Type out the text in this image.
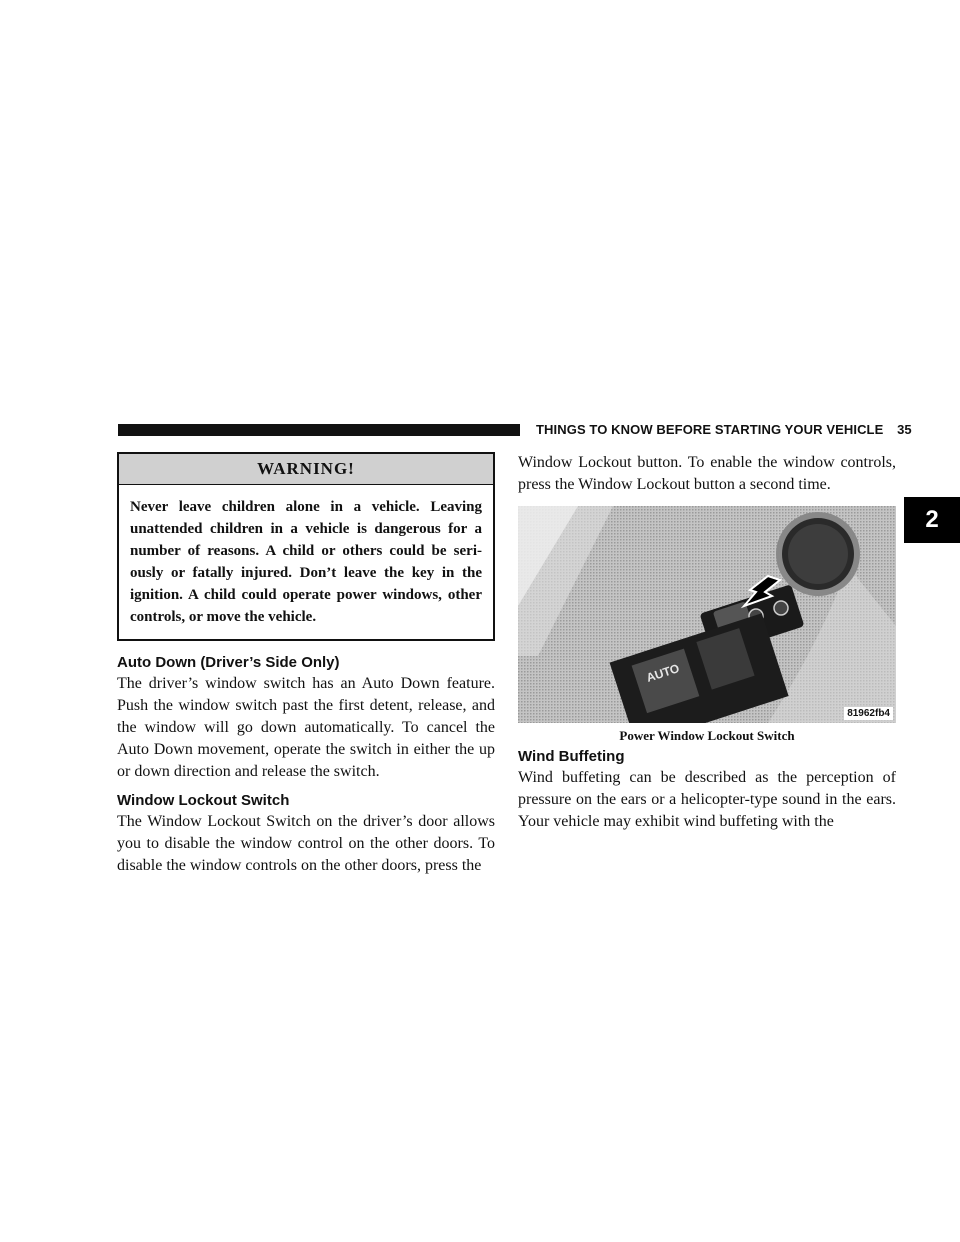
THINGS TO KNOW BEFORE STARTING YOUR VEHICLE 35
2
WARNING!
Never leave children alone in a vehicle. Leaving unattended children in a vehicle is dangerous for a number of reasons. A child or others could be seri-ously or fatally injured. Don’t leave the key in the ignition. A child could operate power windows, other controls, or move the vehicle.
Auto Down (Driver’s Side Only)

The driver’s window switch has an Auto Down feature. Push the window switch past the first detent, release, and the window will go down automatically. To cancel the Auto Down movement, operate the switch in either the up or down direction and release the switch.

Window Lockout Switch

The Window Lockout Switch on the driver’s door allows you to disable the window control on the other doors. To disable the window controls on the other doors, press the

Window Lockout button. To enable the window controls, press the Window Lockout button a second time.

AUTO
81962fb4
Power Window Lockout Switch
Wind Buffeting

Wind buffeting can be described as the perception of pressure on the ears or a helicopter-type sound in the ears. Your vehicle may exhibit wind buffeting with the
